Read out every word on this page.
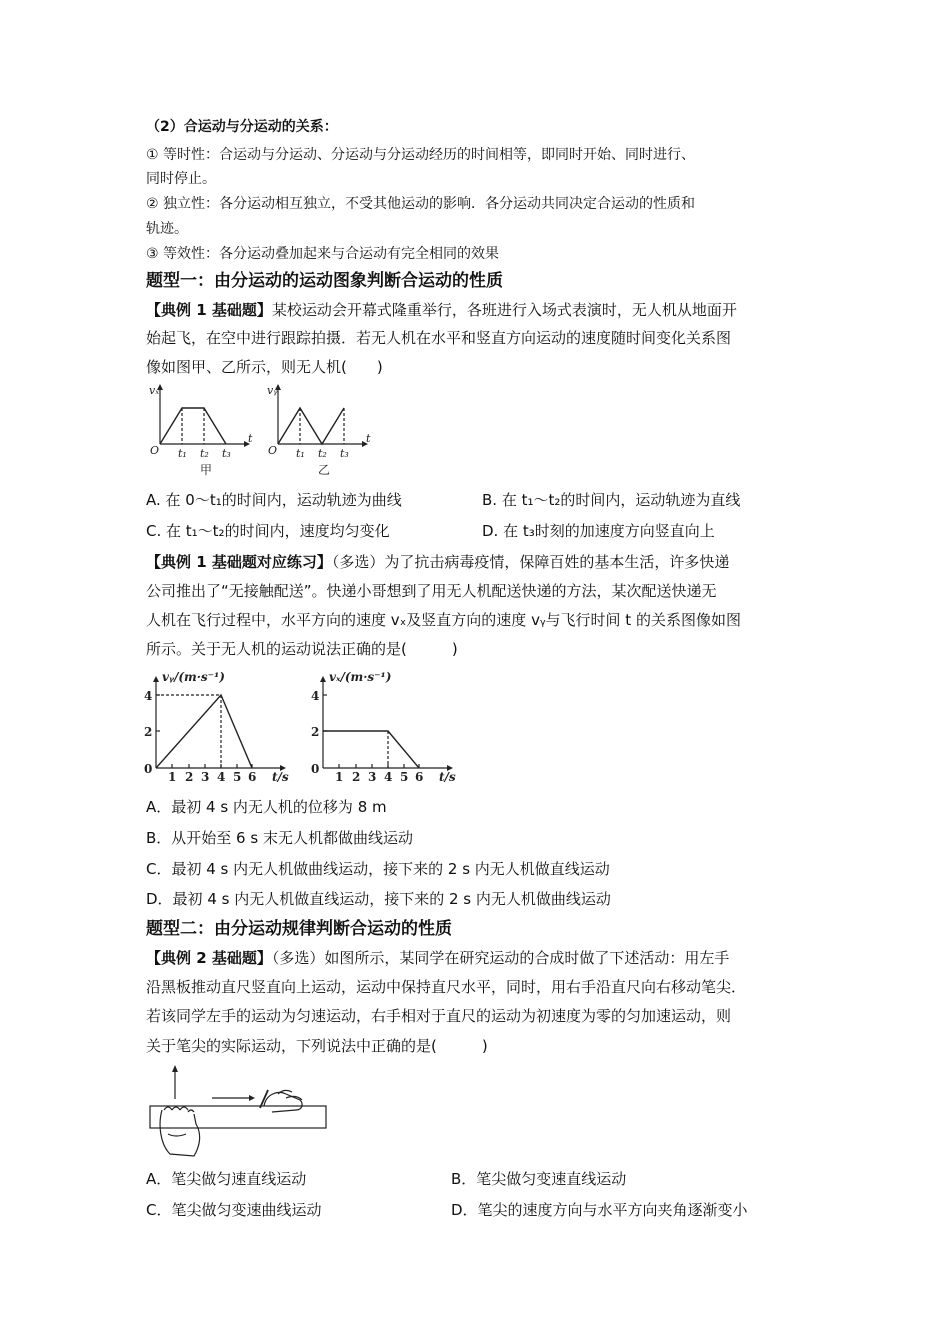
（2）合运动与分运动的关系：
① 等时性：合运动与分运动、分运动与分运动经历的时间相等，即同时开始、同时进行、
同时停止。
② 独立性：各分运动相互独立，不受其他运动的影响．各分运动共同决定合运动的性质和
轨迹。
③ 等效性：各分运动叠加起来与合运动有完全相同的效果
题型一：由分运动的运动图象判断合运动的性质
【典例 1 基础题】某校运动会开幕式隆重举行，各班进行入场式表演时，无人机从地面开
始起飞，在空中进行跟踪拍摄．若无人机在水平和竖直方向运动的速度随时间变化关系图
像如图甲、乙所示，则无人机(　　)
vₓ
O
t
t₁ t₂ t₃
vᵧ
O
t
t₁ t₂ t₃
甲	乙
A. 在 0～t₁的时间内，运动轨迹为曲线	B. 在 t₁～t₂的时间内，运动轨迹为直线
C. 在 t₁～t₂的时间内，速度均匀变化	D. 在 t₃时刻的加速度方向竖直向上
【典例 1 基础题对应练习】（多选）为了抗击病毒疫情，保障百姓的基本生活，许多快递
公司推出了“无接触配送”。快递小哥想到了用无人机配送快递的方法，某次配送快递无
人机在飞行过程中，水平方向的速度 vₓ及竖直方向的速度 vᵧ与飞行时间 t 的关系图像如图
所示。关于无人机的运动说法正确的是(　　　)
vᵧ/(m·s⁻¹)
0
2
4
1 2 3 4 5 6 t/s
vₓ/(m·s⁻¹)
0
2
4
1 2 3 4 5 6 t/s
A．最初 4 s 内无人机的位移为 8 m
B．从开始至 6 s 末无人机都做曲线运动
C．最初 4 s 内无人机做曲线运动，接下来的 2 s 内无人机做直线运动
D．最初 4 s 内无人机做直线运动，接下来的 2 s 内无人机做曲线运动
题型二：由分运动规律判断合运动的性质
【典例 2 基础题】（多选）如图所示，某同学在研究运动的合成时做了下述活动：用左手
沿黑板推动直尺竖直向上运动，运动中保持直尺水平，同时，用右手沿直尺向右移动笔尖．
若该同学左手的运动为匀速运动，右手相对于直尺的运动为初速度为零的匀加速运动，则
关于笔尖的实际运动，下列说法中正确的是(　　　)
A．笔尖做匀速直线运动	B．笔尖做匀变速直线运动
C．笔尖做匀变速曲线运动	D．笔尖的速度方向与水平方向夹角逐渐变小
